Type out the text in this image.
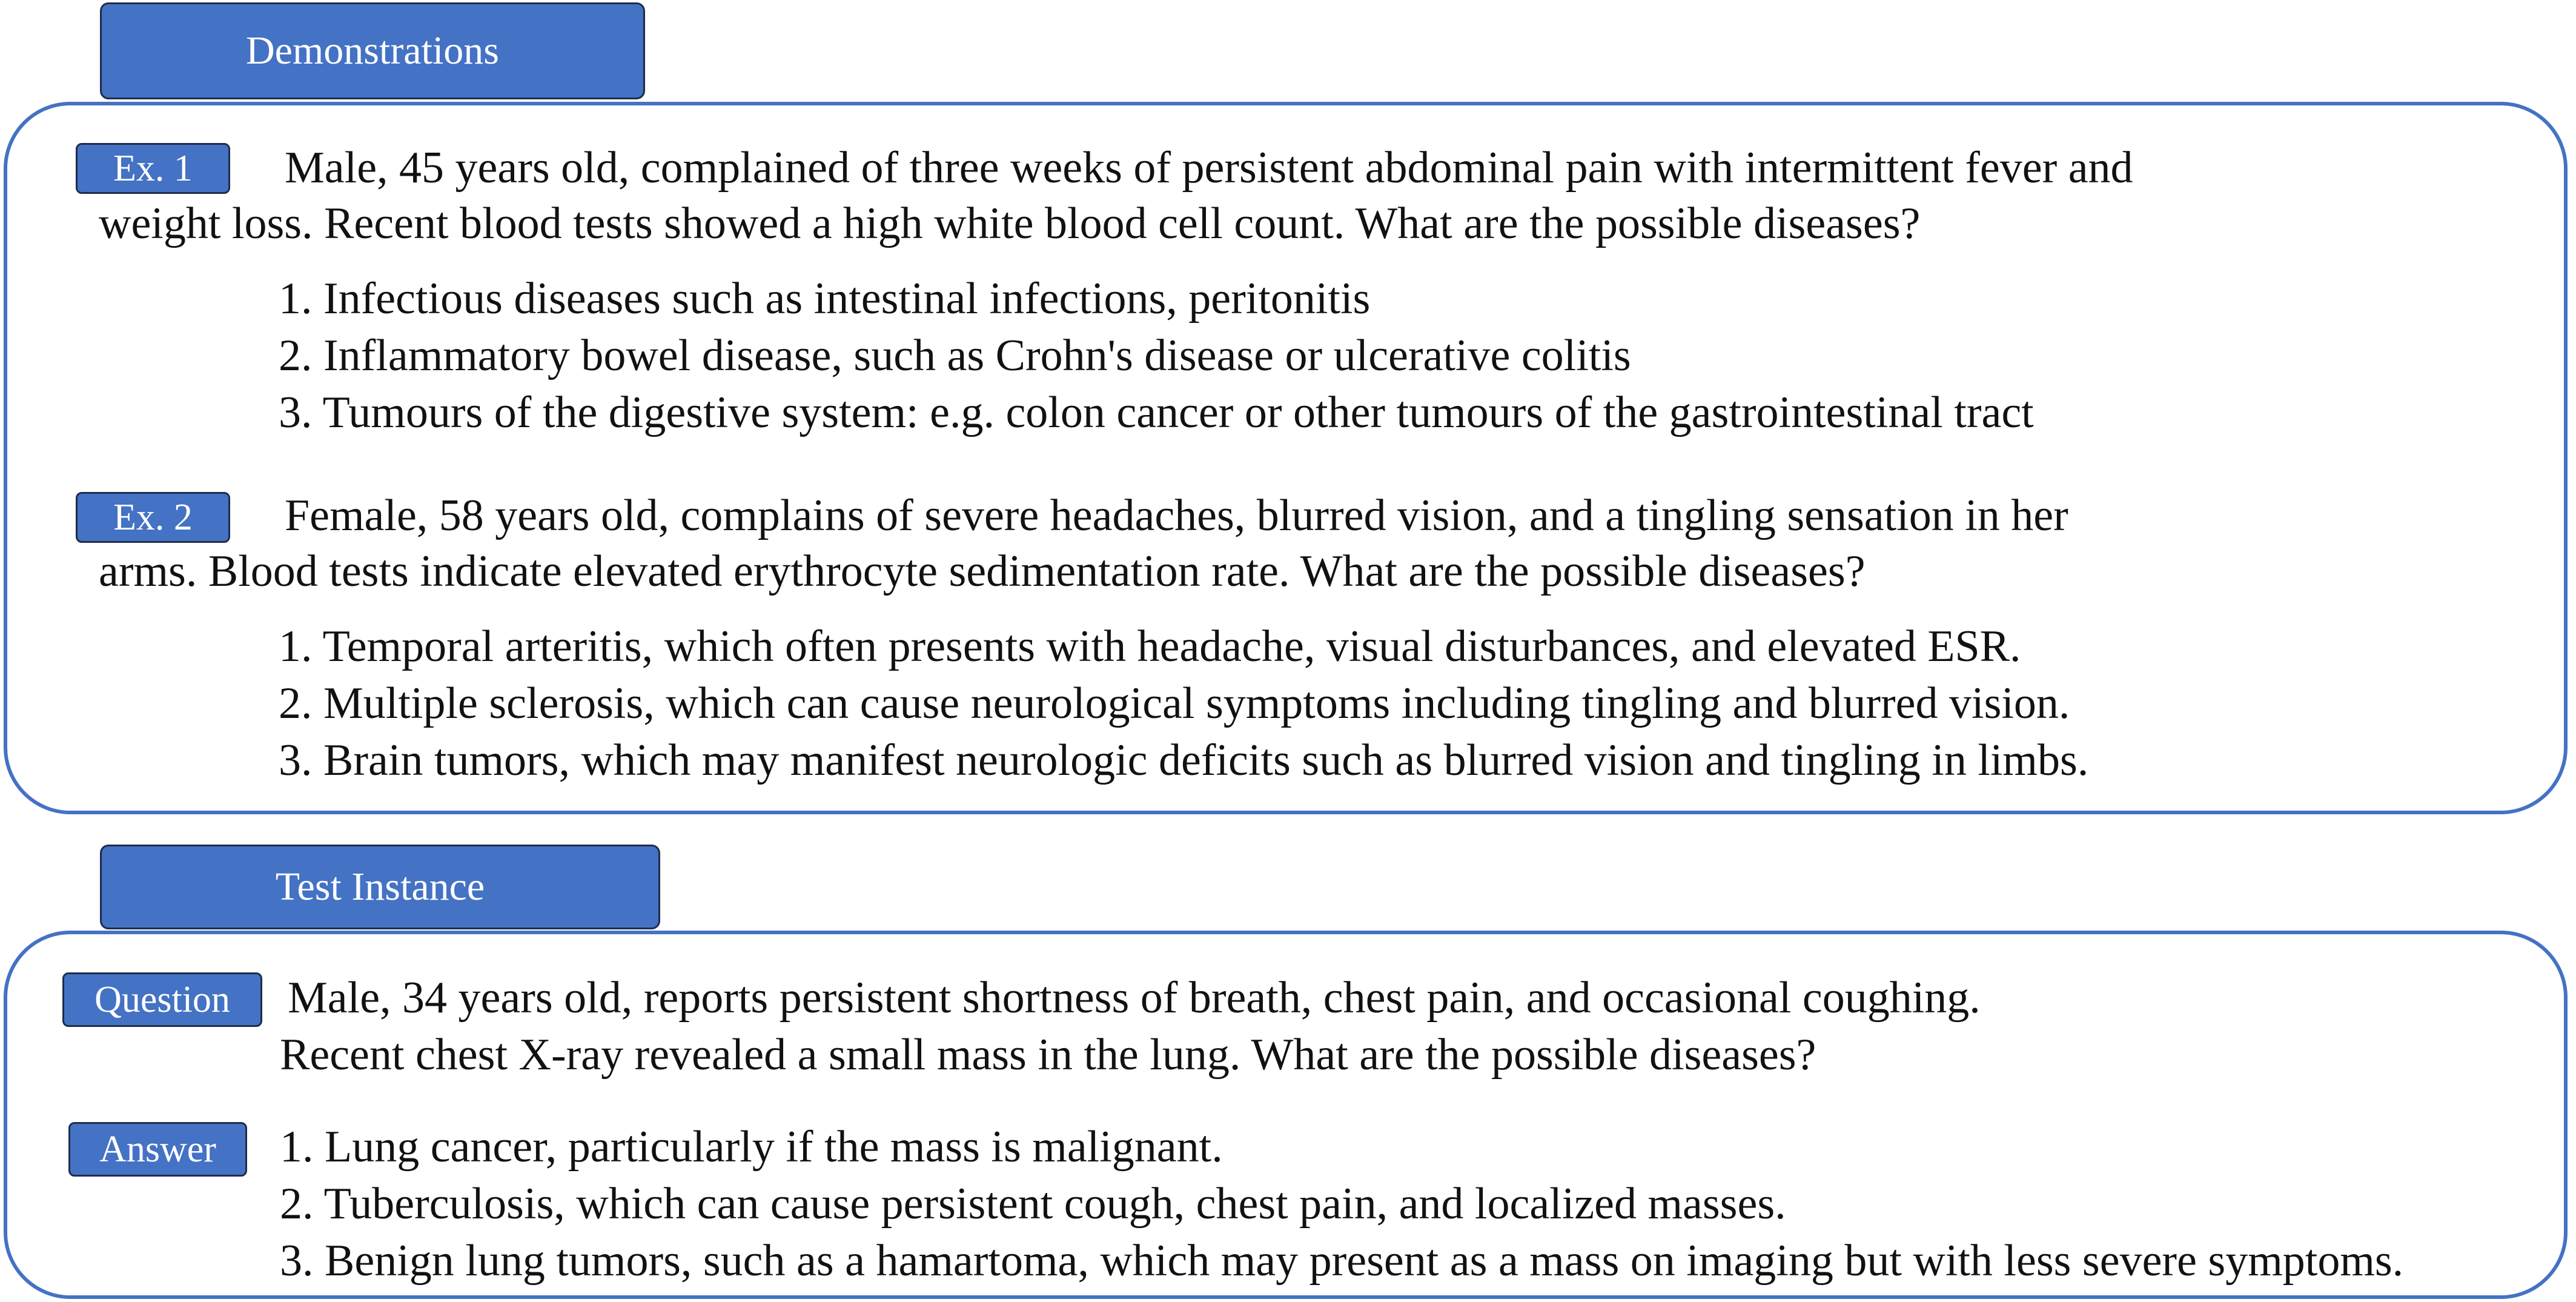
Demonstrations
Ex. 1	Male, 45 years old, complained of three weeks of persistent abdominal pain with intermittent fever and
weight loss. Recent blood tests showed a high white blood cell count. What are the possible diseases?
1. Infectious diseases such as intestinal infections, peritonitis
2. Inflammatory bowel disease, such as Crohn's disease or ulcerative colitis
3. Tumours of the digestive system: e.g. colon cancer or other tumours of the gastrointestinal tract
Ex. 2	Female, 58 years old, complains of severe headaches, blurred vision, and a tingling sensation in her
arms. Blood tests indicate elevated erythrocyte sedimentation rate. What are the possible diseases?
1. Temporal arteritis, which often presents with headache, visual disturbances, and elevated ESR.
2. Multiple sclerosis, which can cause neurological symptoms including tingling and blurred vision.
3. Brain tumors, which may manifest neurologic deficits such as blurred vision and tingling in limbs.
Test Instance
Question	Male, 34 years old, reports persistent shortness of breath, chest pain, and occasional coughing.
Recent chest X-ray revealed a small mass in the lung. What are the possible diseases?
Answer	1. Lung cancer, particularly if the mass is malignant.
2. Tuberculosis, which can cause persistent cough, chest pain, and localized masses.
3. Benign lung tumors, such as a hamartoma, which may present as a mass on imaging but with less severe symptoms.
